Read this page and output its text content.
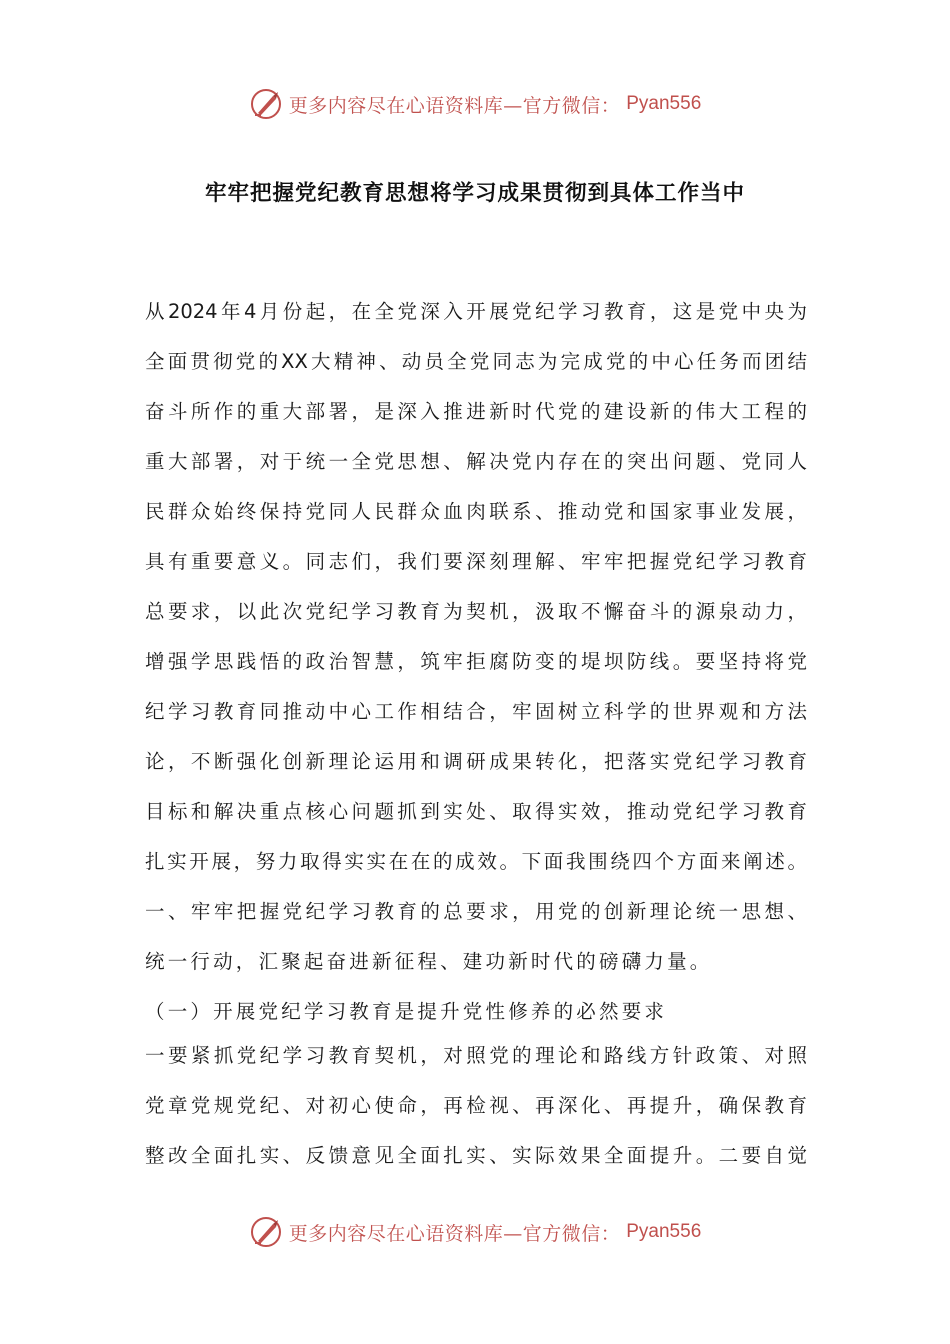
更多内容尽在心语资料库—官方微信： Pyan556
牢牢把握党纪教育思想将学习成果贯彻到具体工作当中
从2024年4月份起，在全党深入开展党纪学习教育，这是党中央为
全面贯彻党的XX大精神、动员全党同志为完成党的中心任务而团结
奋斗所作的重大部署，是深入推进新时代党的建设新的伟大工程的
重大部署，对于统一全党思想、解决党内存在的突出问题、党同人
民群众始终保持党同人民群众血肉联系、推动党和国家事业发展，
具有重要意义。同志们，我们要深刻理解、牢牢把握党纪学习教育
总要求，以此次党纪学习教育为契机，汲取不懈奋斗的源泉动力，
增强学思践悟的政治智慧，筑牢拒腐防变的堤坝防线。要坚持将党
纪学习教育同推动中心工作相结合，牢固树立科学的世界观和方法
论，不断强化创新理论运用和调研成果转化，把落实党纪学习教育
目标和解决重点核心问题抓到实处、取得实效，推动党纪学习教育
扎实开展，努力取得实实在在的成效。下面我围绕四个方面来阐述。
一、牢牢把握党纪学习教育的总要求，用党的创新理论统一思想、
统一行动，汇聚起奋进新征程、建功新时代的磅礴力量。
（一）开展党纪学习教育是提升党性修养的必然要求
一要紧抓党纪学习教育契机，对照党的理论和路线方针政策、对照
党章党规党纪、对初心使命，再检视、再深化、再提升，确保教育
整改全面扎实、反馈意见全面扎实、实际效果全面提升。二要自觉
更多内容尽在心语资料库—官方微信： Pyan556
